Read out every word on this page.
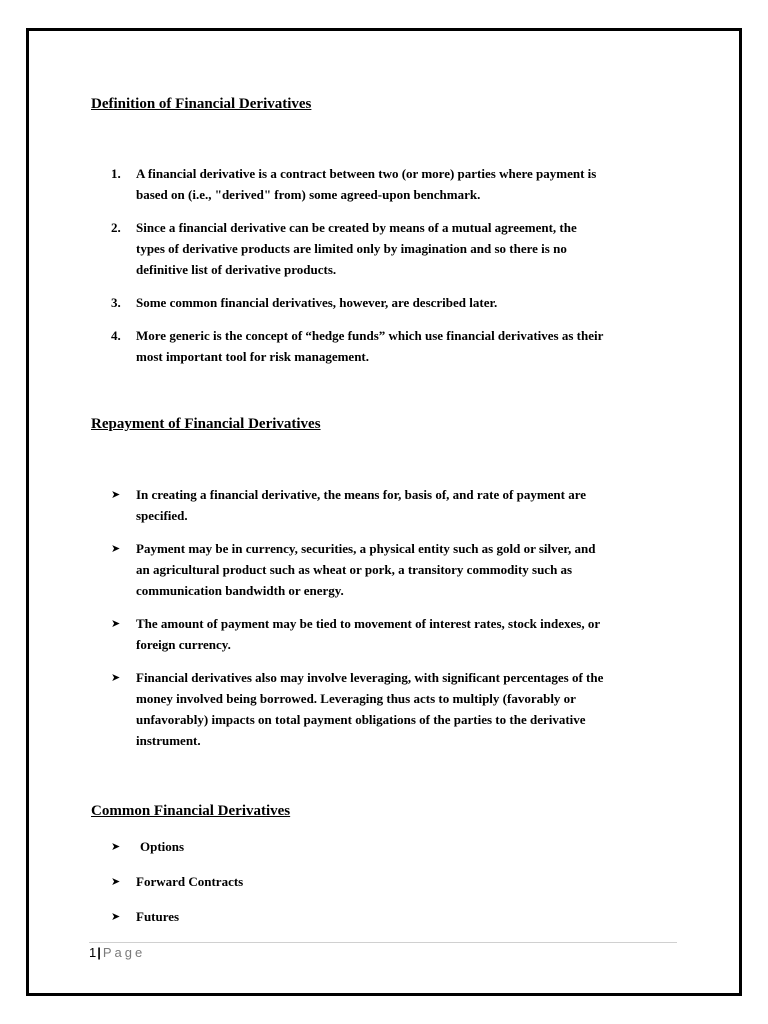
Definition of Financial Derivatives
1. A financial derivative is a contract between two (or more) parties where payment is
based on (i.e., "derived" from) some agreed-upon benchmark.
2. Since a financial derivative can be created by means of a mutual agreement, the
types of derivative products are limited only by imagination and so there is no
definitive list of derivative products.
3. Some common financial derivatives, however, are described later.
4. More generic is the concept of “hedge funds” which use financial derivatives as their
most important tool for risk management.
Repayment of Financial Derivatives
➤ In creating a financial derivative, the means for, basis of, and rate of payment are
specified.
➤ Payment may be in currency, securities, a physical entity such as gold or silver, and
an agricultural product such as wheat or pork, a transitory commodity such as
communication bandwidth or energy.
➤ The amount of payment may be tied to movement of interest rates, stock indexes, or
foreign currency.
➤ Financial derivatives also may involve leveraging, with significant percentages of the
money involved being borrowed. Leveraging thus acts to multiply (favorably or
unfavorably) impacts on total payment obligations of the parties to the derivative
instrument.
Common Financial Derivatives
➤	Options
➤ Forward Contracts
➤ Futures
1| Page
